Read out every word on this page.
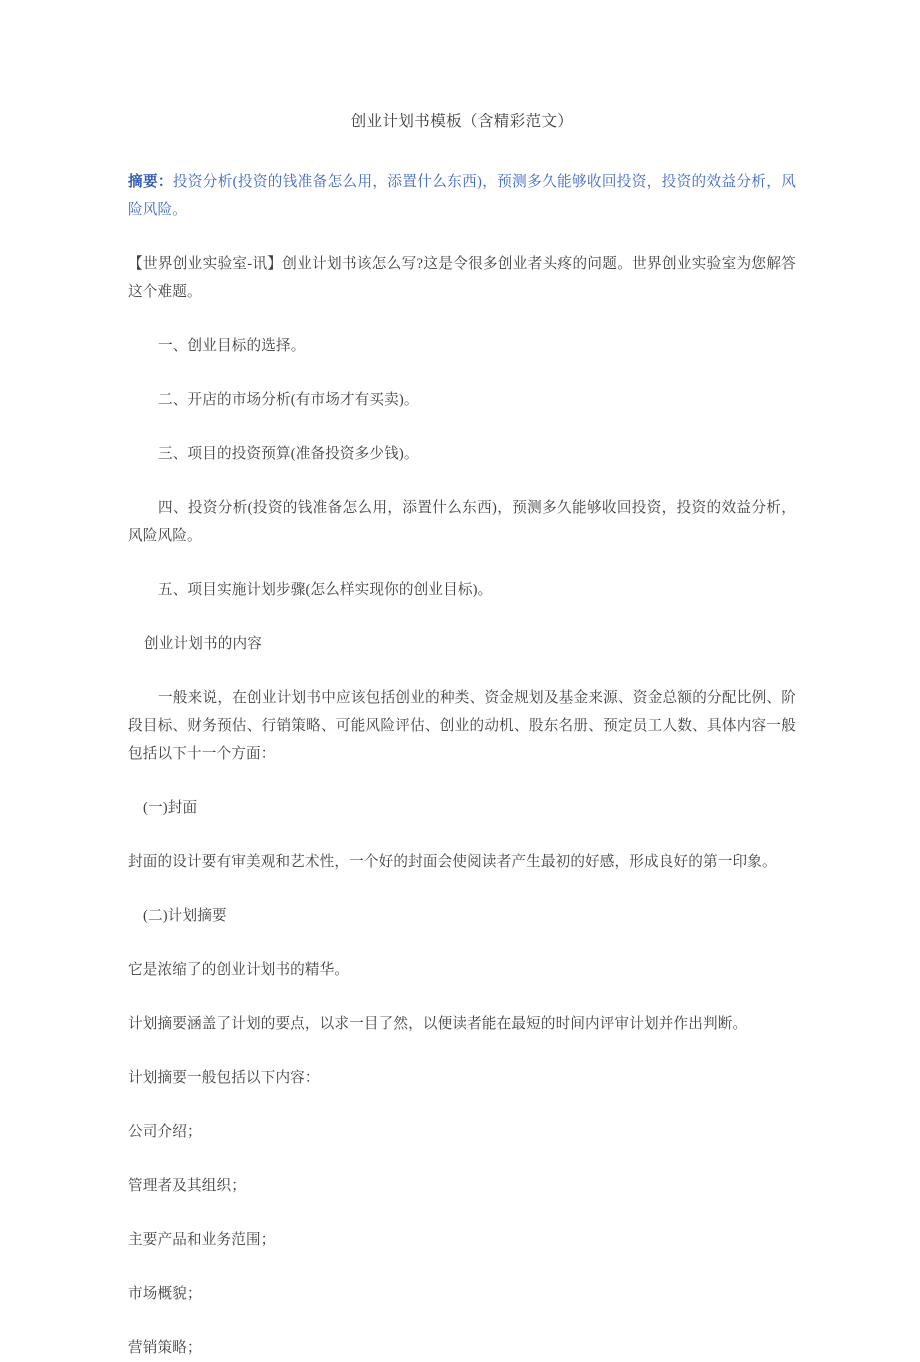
创业计划书模板（含精彩范文）

摘要：投资分析(投资的钱准备怎么用，添置什么东西)，预测多久能够收回投资，投资的效益分析，风险风险。

【世界创业实验室-讯】创业计划书该怎么写?这是令很多创业者头疼的问题。世界创业实验室为您解答这个难题。

一、创业目标的选择。

二、开店的市场分析(有市场才有买卖)。

三、项目的投资预算(准备投资多少钱)。

四、投资分析(投资的钱准备怎么用，添置什么东西)，预测多久能够收回投资，投资的效益分析，风险风险。

五、项目实施计划步骤(怎么样实现你的创业目标)。

创业计划书的内容

一般来说，在创业计划书中应该包括创业的种类、资金规划及基金来源、资金总额的分配比例、阶段目标、财务预估、行销策略、可能风险评估、创业的动机、股东名册、预定员工人数、具体内容一般包括以下十一个方面：

(一)封面

封面的设计要有审美观和艺术性，一个好的封面会使阅读者产生最初的好感，形成良好的第一印象。

(二)计划摘要

它是浓缩了的创业计划书的精华。

计划摘要涵盖了计划的要点，以求一目了然，以便读者能在最短的时间内评审计划并作出判断。

计划摘要一般包括以下内容：

公司介绍；

管理者及其组织；

主要产品和业务范围；

市场概貌；

营销策略；
